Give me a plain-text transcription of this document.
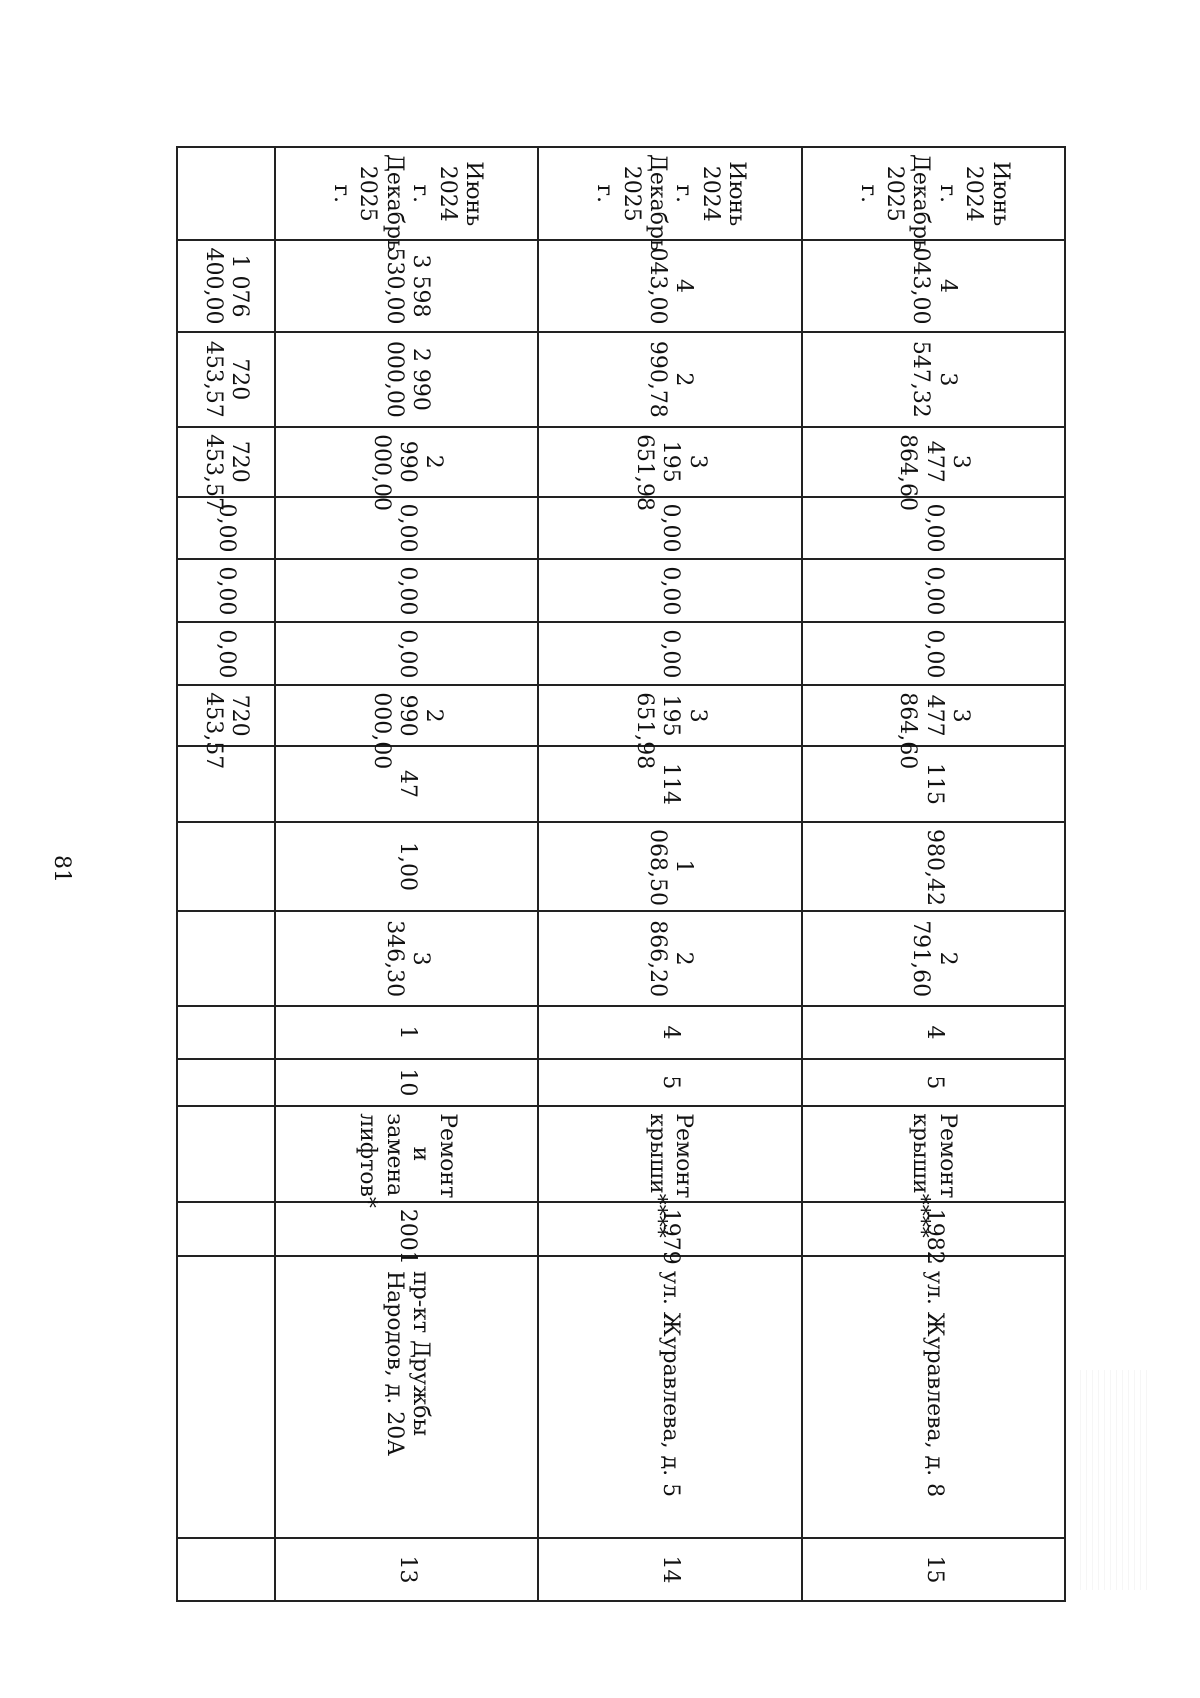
81
15	ул. Журавлева, д. 8	1982	Ремонт крыши****	5	4	2 791,60	980,42	115	3 477 864,60	0,00	0,00	0,00	3 477 864,60	3 547,32	4 043,00	Июнь 2024 г. Декабрь 2025 г.
14	ул. Журавлева, д. 5	1979	Ремонт крыши****	5	4	2 866,20	1 068,50	114	3 195 651,98	0,00	0,00	0,00	3 195 651,98	2 990,78	4 043,00	Июнь 2024 г. Декабрь 2025 г.
13	пр-кт Дружбы Народов, д. 20А	2001	Ремонт и замена лифтов*	10	1	3 346,30	1,00	47	2 990 000,00	0,00	0,00	0,00	2 990 000,00	2 990 000,00	3 598 530,00	Июнь 2024 г. Декабрь 2025 г.
									720 453,57	0,00	0,00	0,00	720 453,57	720 453,57	1 076 400,00	
